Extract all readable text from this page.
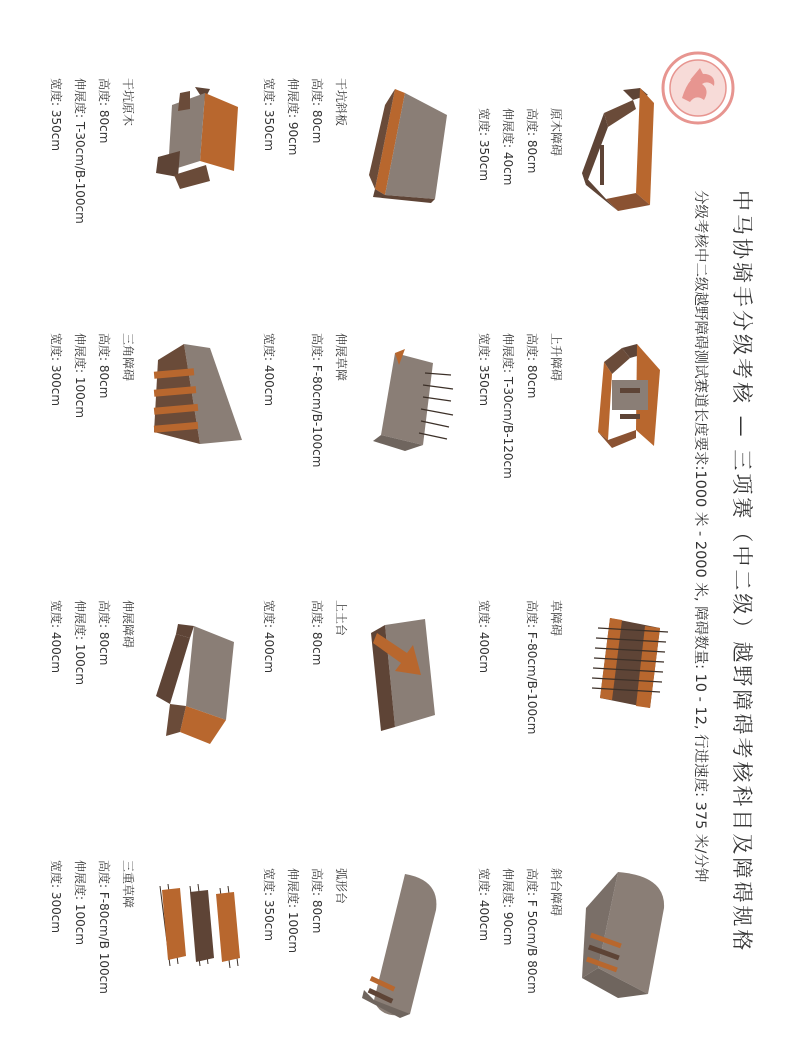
中马协骑手分级考核 — 三项赛（中二级）越野障碍考核科目及障碍规格
分级考核中二级越野障碍测试赛道长度要求:1000 米 - 2000 米, 障碍数量: 10 - 12, 行进速度: 375 米/分钟
原木障碍
高度: 80cm
伸展度: 40cm
宽度: 350cm
上升障碍
高度: 80cm
伸展度: T-30cm/B-120cm
宽度: 350cm
草障碍
高度: F-80cm/B-100cm
宽度: 400cm
斜台障碍
高度: F 50cm/B 80cm
伸展度: 90cm
宽度: 400cm
干坑斜板
高度: 80cm
伸展度: 90cm
宽度: 350cm
伸展草障
高度: F-80cm/B-100cm
宽度: 400cm
上土台
高度: 80cm
宽度: 400cm
弧形台
高度: 80cm
伸展度: 100cm
宽度: 350cm
干坑原木
高度: 80cm
伸展度: T-30cm/B-100cm
宽度: 350cm
三角障碍
高度: 80cm
伸展度: 100cm
宽度: 300cm
伸展障碍
高度: 80cm
伸展度: 100cm
宽度: 400cm
三重草障
高度: F-80cm/B 100cm
伸展度: 100cm
宽度: 300cm
